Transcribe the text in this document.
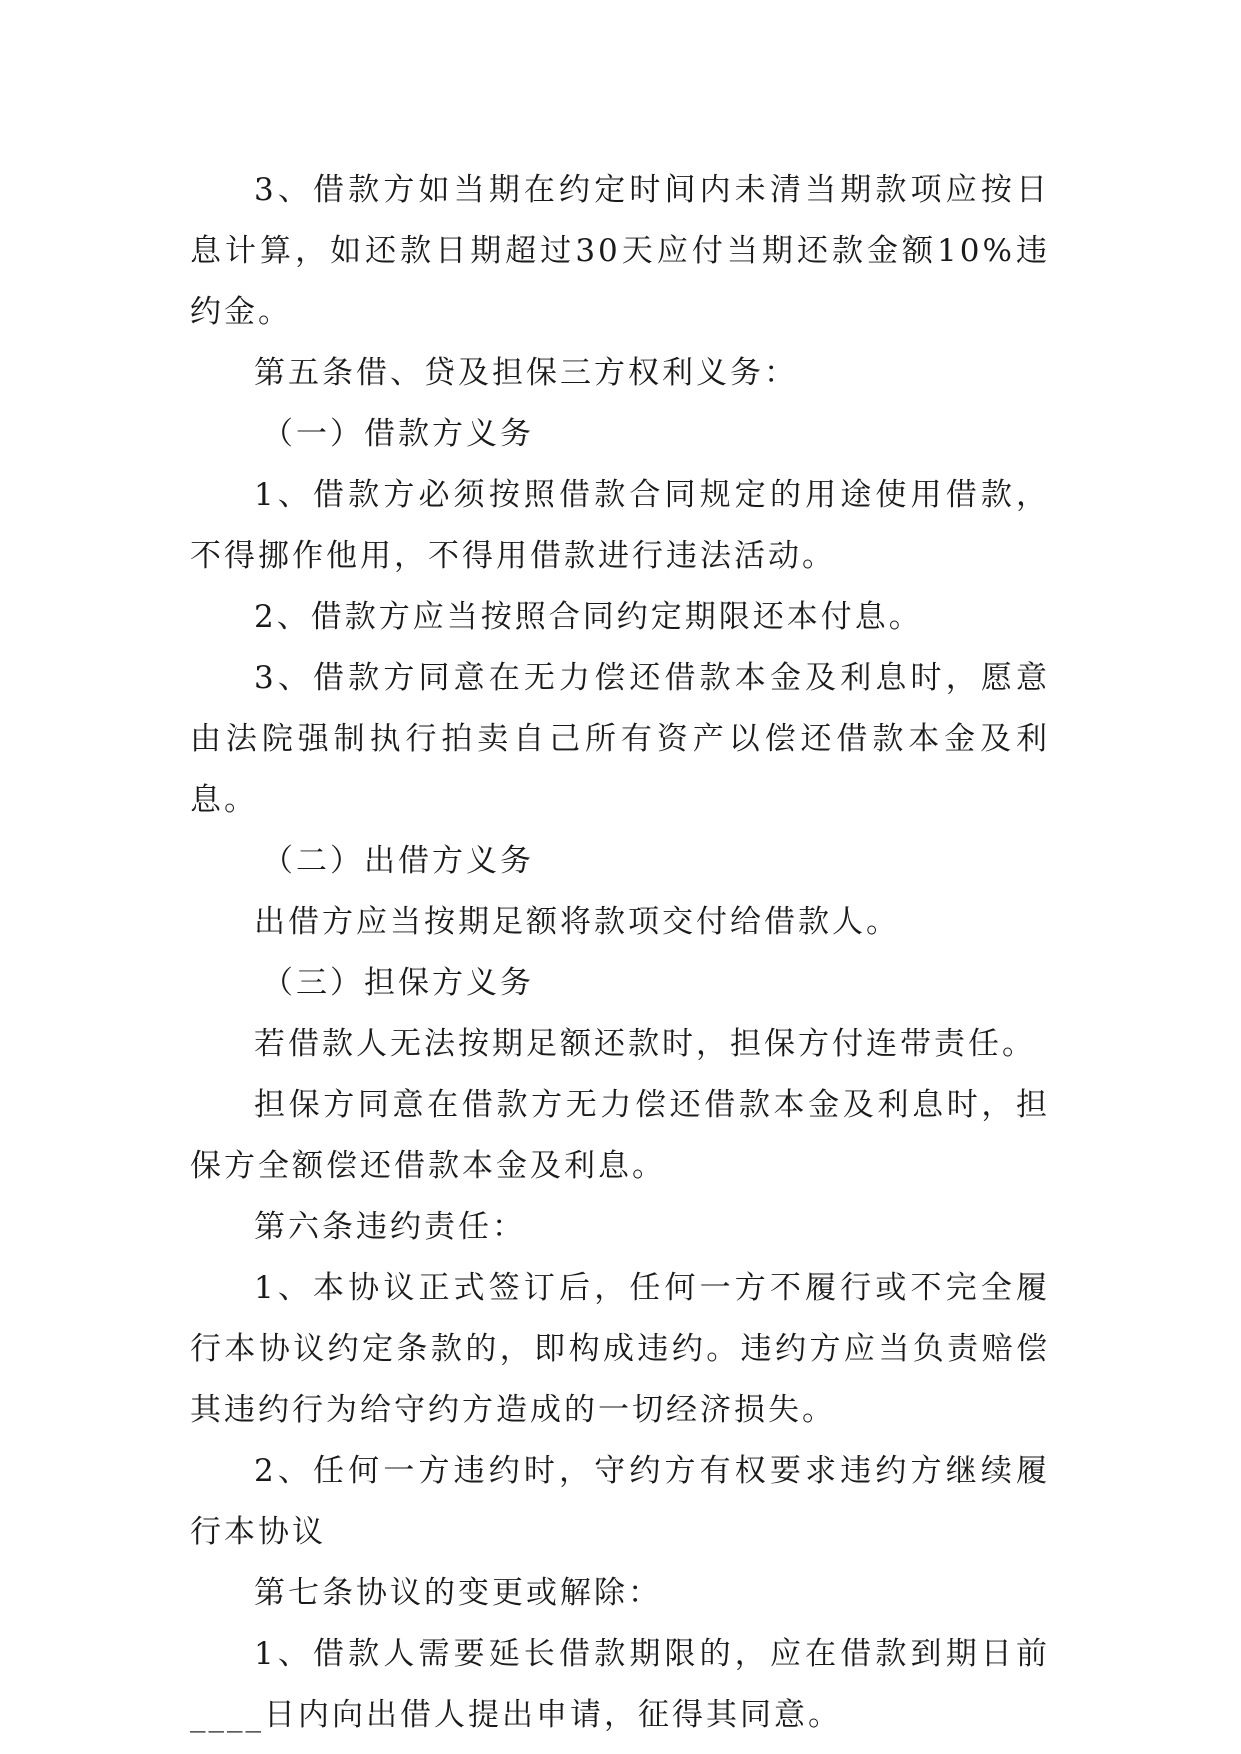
3、借款方如当期在约定时间内未清当期款项应按日息计算，如还款日期超过30天应付当期还款金额10%违约金。

第五条借、贷及担保三方权利义务：

（一）借款方义务

1、借款方必须按照借款合同规定的用途使用借款，不得挪作他用，不得用借款进行违法活动。

2、借款方应当按照合同约定期限还本付息。

3、借款方同意在无力偿还借款本金及利息时，愿意由法院强制执行拍卖自己所有资产以偿还借款本金及利息。

（二）出借方义务

出借方应当按期足额将款项交付给借款人。

（三）担保方义务

若借款人无法按期足额还款时，担保方付连带责任。

担保方同意在借款方无力偿还借款本金及利息时，担保方全额偿还借款本金及利息。

第六条违约责任：

1、本协议正式签订后，任何一方不履行或不完全履行本协议约定条款的，即构成违约。违约方应当负责赔偿其违约行为给守约方造成的一切经济损失。

2、任何一方违约时，守约方有权要求违约方继续履行本协议

第七条协议的变更或解除：

1、借款人需要延长借款期限的，应在借款到期日前____日内向出借人提出申请，征得其同意。
